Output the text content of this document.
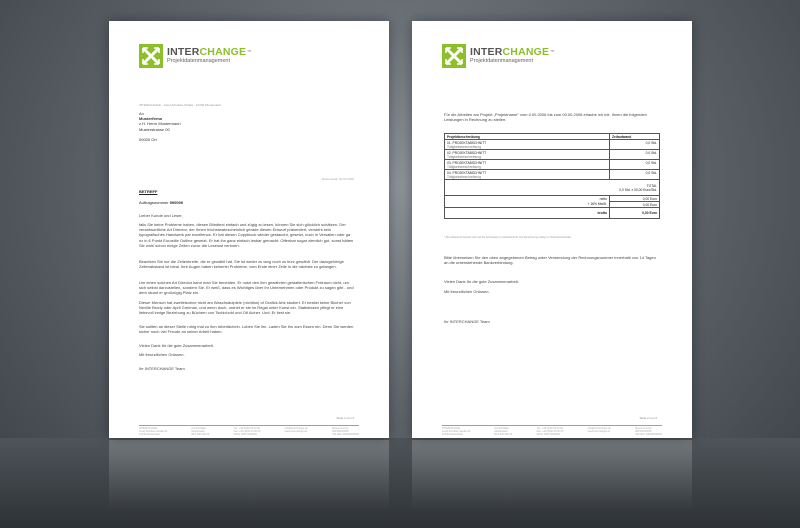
INTERCHANGE™
Projektdatenmanagement
INTERCHANGE · Josef-Schultes-Straße · 12345 Musterstadt
An
Musterfirma
z.H. Herrn Mustermann
Musterstrasse 00
00000 Ort
Musterstadt, 00.00.2006
BETREFF
Auftragsnummer 000000
Lieber Kunde und Leser,
falls Sie keine Probleme haben, diesen Blindtext einfach und zügig zu lesen, können Sie sich glücklich schätzen. Der verantwortliche Art Director, der Ihnen höchstwahrscheinlich gerade diesen Entwurf präsentiert, versteht sein typografisches Handwerk par excellence. Er hat diesen Copyblock wieder gestaucht, gesetzt, noch in Versalien oder ga nz in 6 Punkt Eurostile Outline gesetzt. Er hat ihn ganz einfach lesbar gemacht. Offenbar sogar ziemlich gut, sonst hätten Sie wohl schon einige Zeilen zuvor die Leselust verloren.
Beachten Sie nur die Zeilenbreite, die er gewählt hat. Sie ist weder zu lang noch zu kurz gewählt. Der dazugehörige Zeilenabstand ist ideal. Ihre Augen haben keinerlei Probleme, vom Ende einer Zeile in die nächste zu gelangen.
Um einen solchen Art Director kann man Sie beneiden. Er nutzt den ihm gewährten gestalterischen Freiraum nicht, um sich selbst darzustellen, sondern Sie. Er weiß, dass es Wichtiges über Ihr Unternehmen oder Produkt zu sagen gibt - und dem räumt er großzügig Platz ein.
Dieser Mensch hat zweifelsohne nicht am Waschsäulptele (nichtlos) of Grafick Arts studiert. Er besitzt keine Bücher von Neville Brody oder April Greiman, und wenn doch, ordnet er sie im Regal unter Kunst ein. Stattdessen pflegt er eine liebevoll innige Beziehung zu Büchern von Tschichold und Otl Aicher. Und: Er liest sie.
Sie sollten an dieser Stelle ruhig mal zu ihm rüberlächeln. Loben Sie ihn. Laden Sie ihn zum Essen ein. Denn Sie werden sicher noch viel Freude an seiner Arbeit haben.
Vielen Dank für die gute Zusammenarbeit.
Mit freundlichen Grüssen.
Ihr INTERCHANGE Team
Seite 1 von 2
INTERCHANGE
Josef-Schultes-Straße 00
12345 Musterstadt
Kontoinhaber
Musterbank
BLZ 000 000 00
Tel.: +49 (0)00 00 00 00
Fax: +49 (0)00 00 00 00
Mobil: 0000 0000000
info@interchange.de
www.interchange.de
Steuernummer
000/000/00000
USt-IdNr. DE000000000
INTERCHANGE™
Projektdatenmanagement
Für die Arbeiten am Projekt „Projektname" vom 0.00.2006 bis zum 00.00.2006 erlaube ich mir, Ihnen die folgenden Leistungen in Rechnung zu stellen:
Projektbeschreibung	Zeitaufwand

01. PROJEKTABSCHNITT
Tätigkeitsbeschreibung	0,0 Std.

02. PROJEKTABSCHNITT
Tätigkeitsbeschreibung	0,0 Std.

03. PROJEKTABSCHNITT
Tätigkeitsbeschreibung	0,0 Std.

04. PROJEKTABSCHNITT
Tätigkeitsbeschreibung	0,0 Std.

TOTAL
0,0 Std. x 00,00 Euro/Std.	

netto	0,00 Euro
+ 16% MwSt.	0,00 Euro
brutto	0,00 Euro
* Die Arbeitszeit bezieht sich auf die Arbeitszeit pro Arbeitsschritt. Die Abrechnung erfolgt im Viertelstundentakt.
Bitte überweisen Sie den oben angegebenen Betrag unter Verwendung der Rechnungsnummer innerhalb von 14 Tagen an die untenstehende Bankverbindung.
Vielen Dank für die gute Zusammenarbeit.
Mit freundlichen Grüssen.
Ihr INTERCHANGE Team
Seite 2 von 2
INTERCHANGE
Josef-Schultes-Straße 00
12345 Musterstadt
Kontoinhaber
Musterbank
BLZ 000 000 00
Tel.: +49 (0)00 00 00 00
Fax: +49 (0)00 00 00 00
Mobil: 0000 0000000
info@interchange.de
www.interchange.de
Steuernummer
000/000/00000
USt-IdNr. DE000000000
